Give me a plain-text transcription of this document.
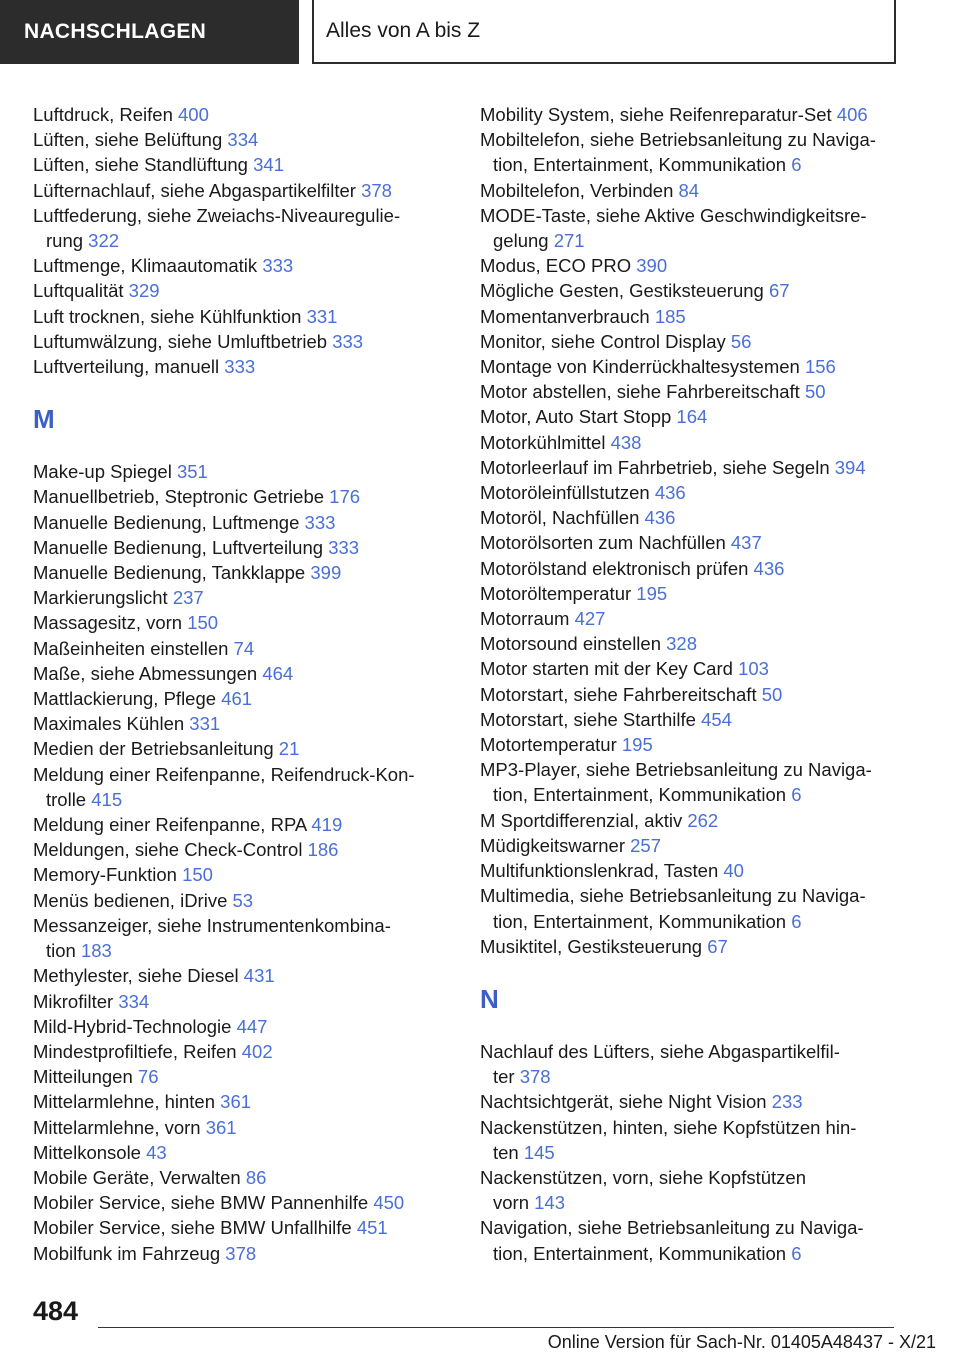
NACHSCHLAGEN	Alles von A bis Z
Luftdruck, Reifen 400
Lüften, siehe Belüftung 334
Lüften, siehe Standlüftung 341
Lüfternachlauf, siehe Abgaspartikelfilter 378
Luftfederung, siehe Zweiachs-Niveauregulie-
rung 322
Luftmenge, Klimaautomatik 333
Luftqualität 329
Luft trocknen, siehe Kühlfunktion 331
Luftumwälzung, siehe Umluftbetrieb 333
Luftverteilung, manuell 333
M
Make-up Spiegel 351
Manuellbetrieb, Steptronic Getriebe 176
Manuelle Bedienung, Luftmenge 333
Manuelle Bedienung, Luftverteilung 333
Manuelle Bedienung, Tankklappe 399
Markierungslicht 237
Massagesitz, vorn 150
Maßeinheiten einstellen 74
Maße, siehe Abmessungen 464
Mattlackierung, Pflege 461
Maximales Kühlen 331
Medien der Betriebsanleitung 21
Meldung einer Reifenpanne, Reifendruck-Kon-
trolle 415
Meldung einer Reifenpanne, RPA 419
Meldungen, siehe Check-Control 186
Memory-Funktion 150
Menüs bedienen, iDrive 53
Messanzeiger, siehe Instrumentenkombina-
tion 183
Methylester, siehe Diesel 431
Mikrofilter 334
Mild-Hybrid-Technologie 447
Mindestprofiltiefe, Reifen 402
Mitteilungen 76
Mittelarmlehne, hinten 361
Mittelarmlehne, vorn 361
Mittelkonsole 43
Mobile Geräte, Verwalten 86
Mobiler Service, siehe BMW Pannenhilfe 450
Mobiler Service, siehe BMW Unfallhilfe 451
Mobilfunk im Fahrzeug 378
Mobility System, siehe Reifenreparatur-Set 406
Mobiltelefon, siehe Betriebsanleitung zu Naviga-
tion, Entertainment, Kommunikation 6
Mobiltelefon, Verbinden 84
MODE-Taste, siehe Aktive Geschwindigkeitsre-
gelung 271
Modus, ECO PRO 390
Mögliche Gesten, Gestiksteuerung 67
Momentanverbrauch 185
Monitor, siehe Control Display 56
Montage von Kinderrückhaltesystemen 156
Motor abstellen, siehe Fahrbereitschaft 50
Motor, Auto Start Stopp 164
Motorkühlmittel 438
Motorleerlauf im Fahrbetrieb, siehe Segeln 394
Motoröleinfüllstutzen 436
Motoröl, Nachfüllen 436
Motorölsorten zum Nachfüllen 437
Motorölstand elektronisch prüfen 436
Motoröltemperatur 195
Motorraum 427
Motorsound einstellen 328
Motor starten mit der Key Card 103
Motorstart, siehe Fahrbereitschaft 50
Motorstart, siehe Starthilfe 454
Motortemperatur 195
MP3-Player, siehe Betriebsanleitung zu Naviga-
tion, Entertainment, Kommunikation 6
M Sportdifferenzial, aktiv 262
Müdigkeitswarner 257
Multifunktionslenkrad, Tasten 40
Multimedia, siehe Betriebsanleitung zu Naviga-
tion, Entertainment, Kommunikation 6
Musiktitel, Gestiksteuerung 67
N
Nachlauf des Lüfters, siehe Abgaspartikelfil-
ter 378
Nachtsichtgerät, siehe Night Vision 233
Nackenstützen, hinten, siehe Kopfstützen hin-
ten 145
Nackenstützen, vorn, siehe Kopfstützen
vorn 143
Navigation, siehe Betriebsanleitung zu Naviga-
tion, Entertainment, Kommunikation 6
484
Online Version für Sach-Nr. 01405A48437 - X/21
